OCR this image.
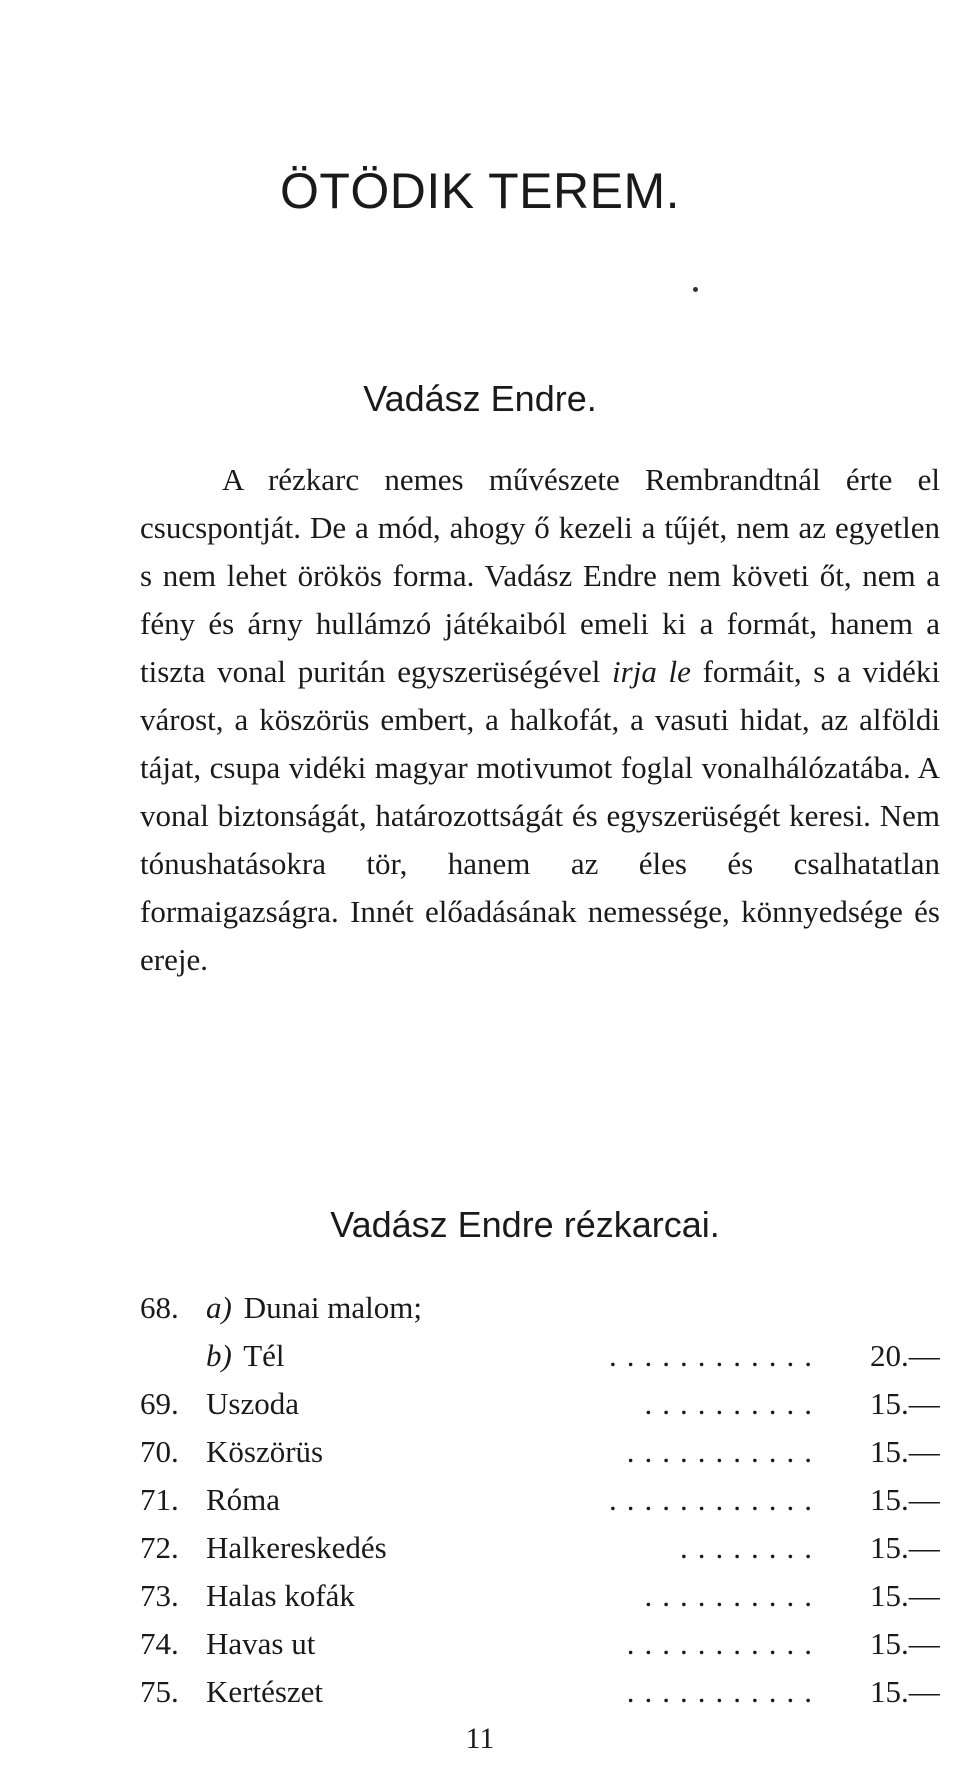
ÖTÖDIK TEREM.
Vadász Endre.

A rézkarc nemes művészete Rembrandtnál érte el csucspontját. De a mód, ahogy ő kezeli a tűjét, nem az egyetlen s nem lehet örökös forma. Vadász Endre nem követi őt, nem a fény és árny hullámzó játékaiból emeli ki a formát, hanem a tiszta vonal puritán egyszerüségével irja le formáit, s a vidéki várost, a köszörüs embert, a halkofát, a vasuti hidat, az alföldi tájat, csupa vidéki magyar motivumot foglal vonalhálózatába. A vonal biztonságát, határozottságát és egyszerüségét keresi. Nem tónushatásokra tör, hanem az éles és csalhatatlan formaigazságra. Innét előadásának nemessége, könnyedsége és ereje.

Vadász Endre rézkarcai.
68. a) Dunai malom;
b) Tél	............ 20.—
69. Uszoda	.......... 15.—
70. Köszörüs	........... 15.—
71. Róma	............ 15.—
72. Halkereskedés	........ 15.—
73. Halas kofák	.......... 15.—
74. Havas ut	........... 15.—
75. Kertészet	........... 15.—
11
